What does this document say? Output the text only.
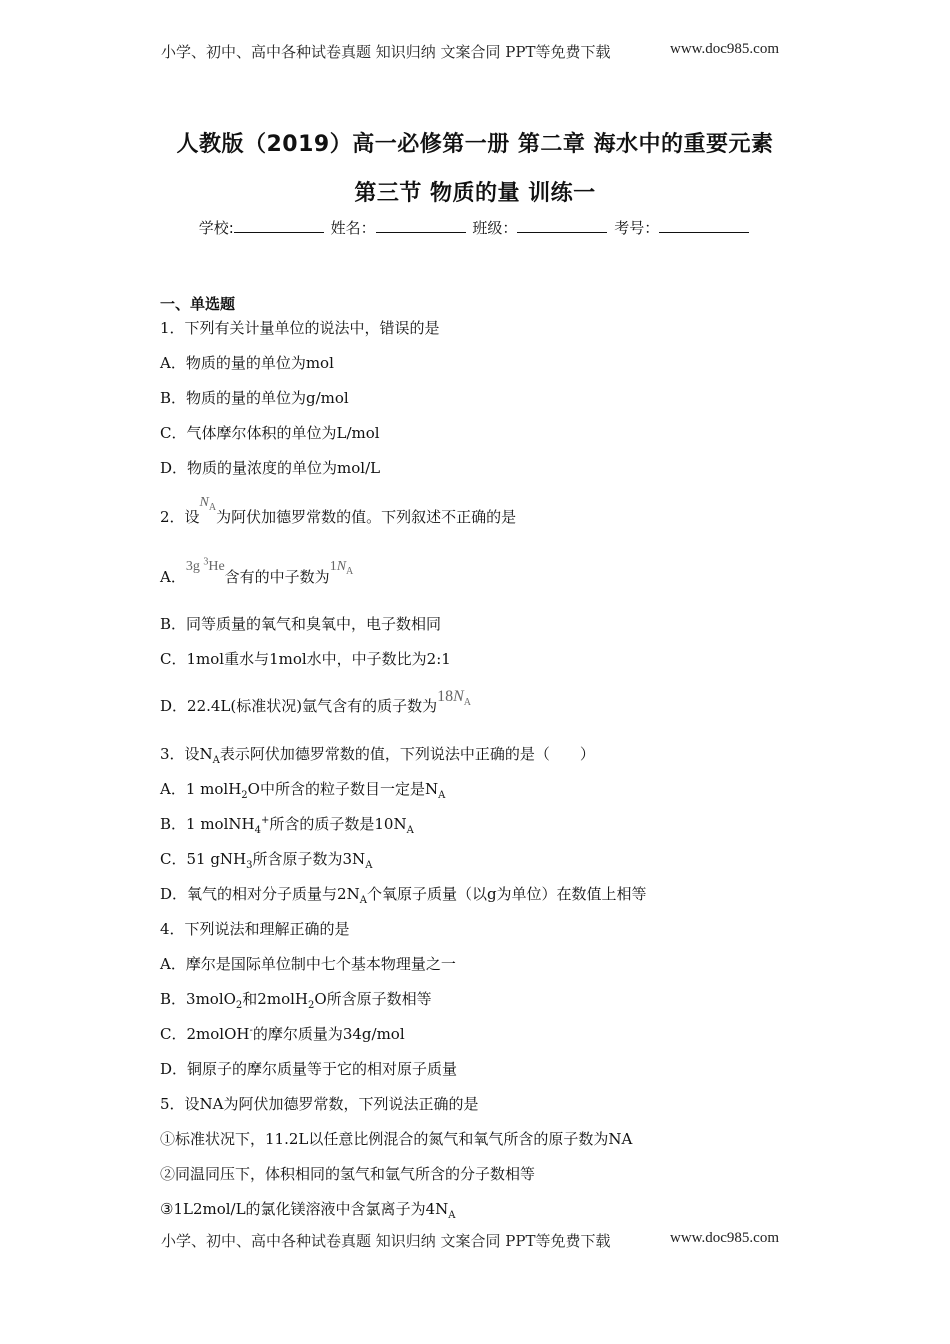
小学、初中、高中各种试卷真题 知识归纳 文案合同 PPT等免费下载	www.doc985.com
人教版（2019）高一必修第一册 第二章 海水中的重要元素
第三节 物质的量 训练一
学校:	姓名：	班级：	考号：
一、单选题
1．下列有关计量单位的说法中，错误的是
A．物质的量的单位为mol
B．物质的量的单位为g/mol
C．气体摩尔体积的单位为L/mol
D．物质的量浓度的单位为mol/L
2．设$N_A$为阿伏加德罗常数的值。下列叙述不正确的是
A．3g $^3$He含有的中子数为$1N_A$
B．同等质量的氧气和臭氧中，电子数相同
C．1mol重水与1mol水中，中子数比为2:1
D．22.4L(标准状况)氩气含有的质子数为$18N_A$
3．设$N_A$表示阿伏加德罗常数的值，下列说法中正确的是（　　）
A．1 molH$_2$O中所含的粒子数目一定是$N_A$
B．1 molNH$_4$+所含的质子数是$10N_A$
C．51 gNH$_3$所含原子数为$3N_A$
D．氧气的相对分子质量与$2N_A$个氧原子质量（以g为单位）在数值上相等
4．下列说法和理解正确的是
A．摩尔是国际单位制中七个基本物理量之一
B．3molO$_2$和2molH$_2$O所含原子数相等
C．2molOH-的摩尔质量为34g/mol
D．铜原子的摩尔质量等于它的相对原子质量
5．设NA为阿伏加德罗常数，下列说法正确的是
①标准状况下，11.2L以任意比例混合的氮气和氧气所含的原子数为NA
②同温同压下，体积相同的氢气和氩气所含的分子数相等
③1L2mol/L的氯化镁溶液中含氯离子为$4N_A$
小学、初中、高中各种试卷真题 知识归纳 文案合同 PPT等免费下载	www.doc985.com
